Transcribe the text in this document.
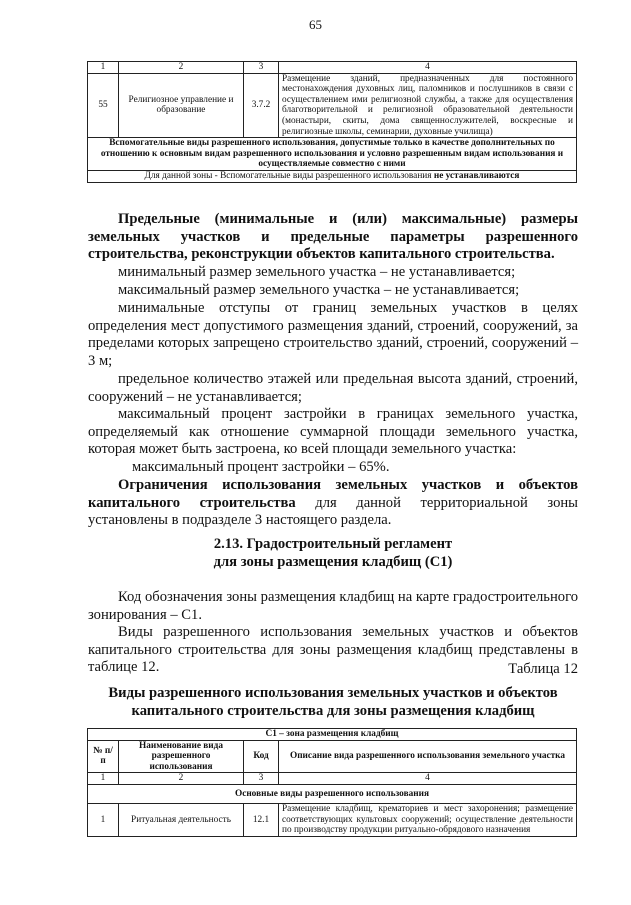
65
1	2	3	4
55	Религиозное управление и образование	3.7.2	Размещение зданий, предназначенных для постоянного местонахождения духовных лиц, паломников и послушников в связи с осуществлением ими религиозной службы, а также для осуществления благотворительной и религиозной образовательной деятельности (монастыри, скиты, дома священнослужителей, воскресные и религиозные школы, семинарии, духовные училища)
Вспомогательные виды разрешенного использования, допустимые только в качестве дополнительных по отношению к основным видам разрешенного использования и условно разрешенным видам использования и осуществляемые совместно с ними			
Для данной зоны - Вспомогательные виды разрешенного использования не устанавливаются			
Предельные (минимальные и (или) максимальные) размеры земельных участков и предельные параметры разрешенного строительства, реконструкции объектов капитального строительства.
минимальный размер земельного участка – не устанавливается;
максимальный размер земельного участка – не устанавливается;
минимальные отступы от границ земельных участков в целях определения мест допустимого размещения зданий, строений, сооружений, за пределами которых запрещено строительство зданий, строений, сооружений – 3 м;
предельное количество этажей или предельная высота зданий, строений, сооружений – не устанавливается;
максимальный процент застройки в границах земельного участка, определяемый как отношение суммарной площади земельного участка, которая может быть застроена, ко всей площади земельного участка:
максимальный процент застройки – 65%.
Ограничения использования земельных участков и объектов капитального строительства для данной территориальной зоны установлены в подразделе 3 настоящего раздела.
2.13. Градостроительный регламент
для зоны размещения кладбищ (С1)
Код обозначения зоны размещения кладбищ на карте градостроительного зонирования – С1.
Виды разрешенного использования земельных участков и объектов капитального строительства для зоны размещения кладбищ представлены в таблице 12.	Таблица 12
Виды разрешенного использования земельных участков и объектов
капитального строительства для зоны размещения кладбищ
С1 – зона размещения кладбищ			
№ п/п	Наименование вида разрешенного использования	Код	Описание вида разрешенного использования земельного участка
1	2	3	4
Основные виды разрешенного использования			
1	Ритуальная деятельность	12.1	Размещение кладбищ, крематориев и мест захоронения; размещение соответствующих культовых сооружений; осуществление деятельности по производству продукции ритуально-обрядового назначения
